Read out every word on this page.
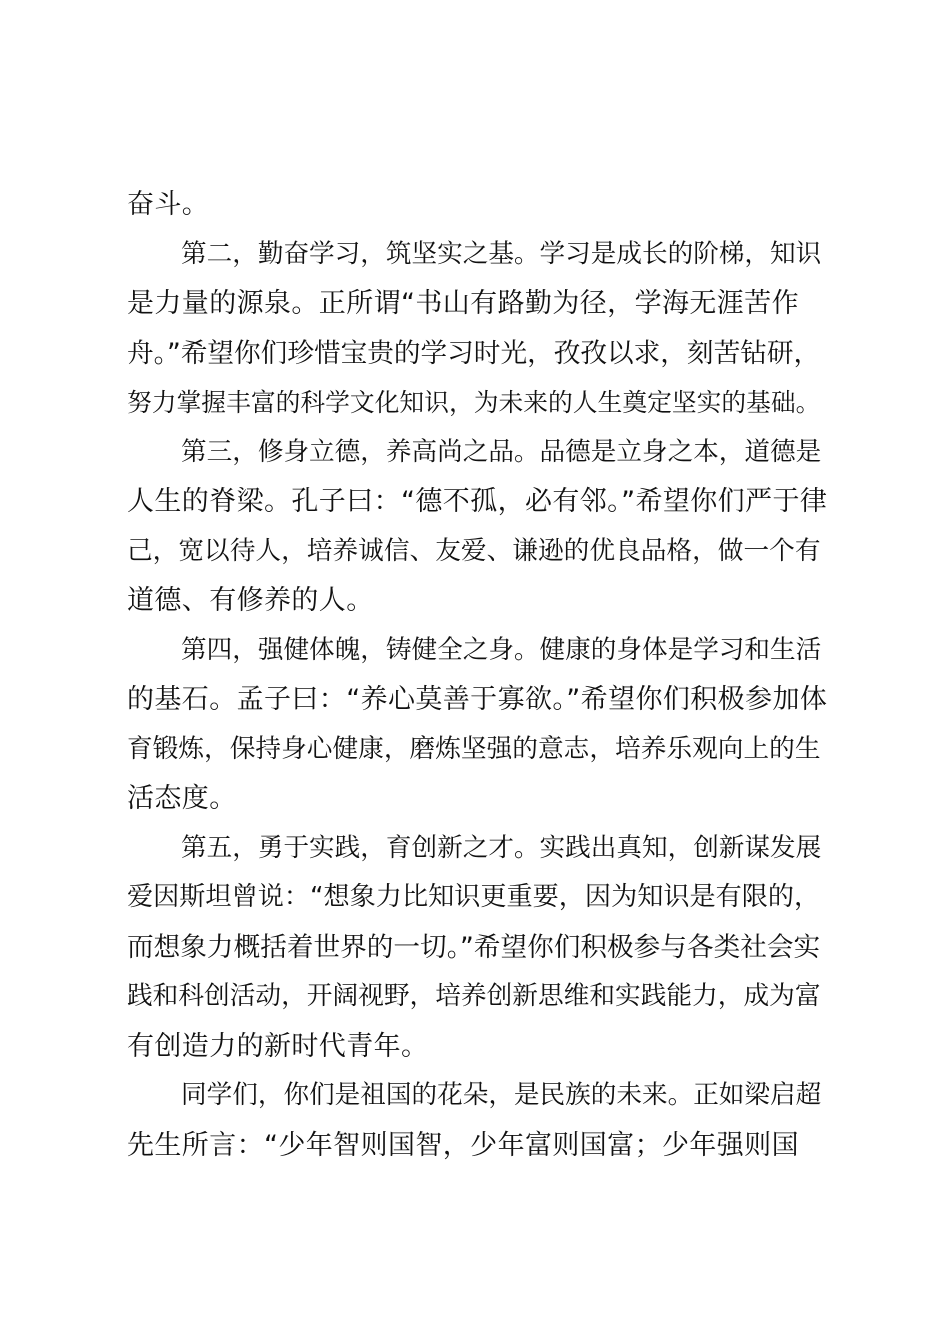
奋斗。
第二，勤奋学习，筑坚实之基。学习是成长的阶梯，知识
是力量的源泉。正所谓“书山有路勤为径，学海无涯苦作
舟。”希望你们珍惜宝贵的学习时光，孜孜以求，刻苦钻研，
努力掌握丰富的科学文化知识，为未来的人生奠定坚实的基础。
第三，修身立德，养高尚之品。品德是立身之本，道德是
人生的脊梁。孔子曰：“德不孤，必有邻。”希望你们严于律
己，宽以待人，培养诚信、友爱、谦逊的优良品格，做一个有
道德、有修养的人。
第四，强健体魄，铸健全之身。健康的身体是学习和生活
的基石。孟子曰：“养心莫善于寡欲。”希望你们积极参加体
育锻炼，保持身心健康，磨炼坚强的意志，培养乐观向上的生
活态度。
第五，勇于实践，育创新之才。实践出真知，创新谋发展
爱因斯坦曾说：“想象力比知识更重要，因为知识是有限的，
而想象力概括着世界的一切。”希望你们积极参与各类社会实
践和科创活动，开阔视野，培养创新思维和实践能力，成为富
有创造力的新时代青年。
同学们，你们是祖国的花朵，是民族的未来。正如梁启超
先生所言：“少年智则国智，少年富则国富；少年强则国
